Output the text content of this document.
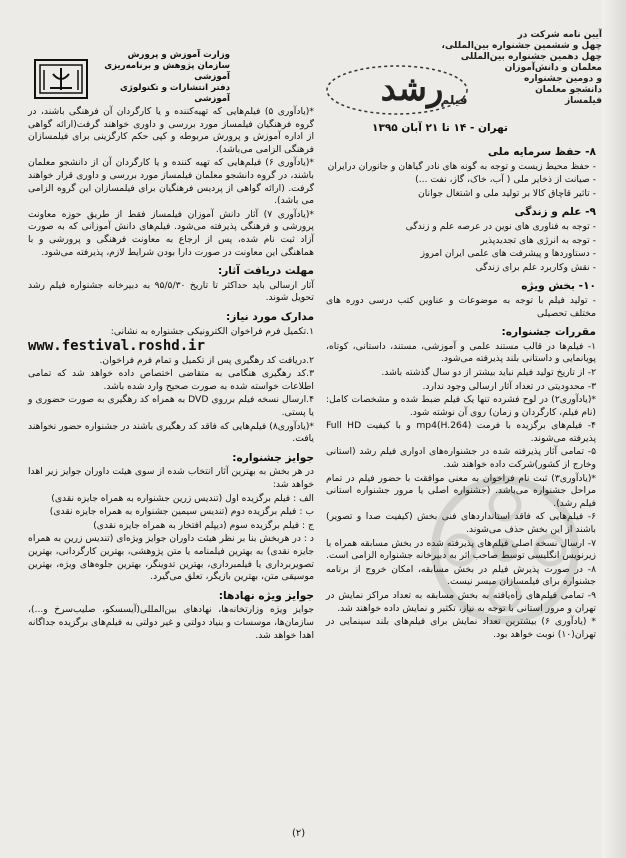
وزارت آموزش و پرورش
سازمان پژوهش و برنامه‌ریزی آموزشی
دفتر انتشارات و تکنولوژی آموزشی
آیین نامه شرکت در
چهل و ششمین جشنواره بین‌المللی،
چهل دهمین جشنواره بین‌المللی
معلمان و دانش‌آموزان
و دومین جشنواره
دانشجو معلمان
فیلمساز
رشد
فیلم
تهران - ۱۴ تا ۲۱ آبان ۱۳۹۵
۸- حفظ سرمایه ملی
- حفظ محیط زیست و توجه به گونه های نادر گیاهان و جانوران درایران
- صیانت از ذخایر ملی ( آب، خاک، گاز، نفت ...)
- تاثیر قاچاق کالا بر تولید ملی و اشتغال جوانان
۹- علم و زندگی
- توجه به فناوری های نوین در عرصه علم و زندگی
- توجه به انرژی های تجدیدپذیر
- دستاوردها و پیشرفت های علمی ایران امروز
- نقش وکاربرد علم برای زندگی
۱۰- بخش ویژه
- تولید فیلم با توجه به موضوعات و عناوین کتب درسی دوره های مختلف تحصیلی
مقررات جشنواره:
۱- فیلم‌ها در قالب مستند علمی و آموزشی، مستند، داستانی، کوتاه، پویانمایی و داستانی بلند پذیرفته می‌شود.
۲- از تاریخ تولید فیلم نباید بیشتر از دو سال گذشته باشد.
۳- محدودیتی در تعداد آثار ارسالی وجود ندارد.
*(یادآوری۲) در لوح فشرده تنها یک فیلم ضبط شده و مشخصات کامل: (نام فیلم، کارگردان و زمان) روی آن نوشته شود.
۴- فیلم‌های برگزیده با فرمت mp4(H.264) و با کیفیت Full HD پذیرفته می‌شوند.
۵- تمامی آثار پذیرفته شده در جشنواره‌های ادواری فیلم رشد (استانی وخارج از کشور)شرکت داده خواهند شد.
*(یادآوری۳) ثبت نام فراخوان به معنی موافقت با حضور فیلم در تمام مراحل جشنواره می‌باشد. (جشنواره اصلی یا مرور جشنواره استانی فیلم رشد).
۶- فیلم‌هایی که فاقد استانداردهای فنی بخش (کیفیت صدا و تصویر) باشند از این بخش حذف می‌شوند.
۷- ارسال نسخه اصلی فیلم‌های پذیرفته شده در بخش مسابقه همراه با زیرنویس انگلیسی توسط صاحب اثر به دبیرخانه جشنواره الزامی است.
۸- در صورت پذیرش فیلم در بخش مسابقه، امکان خروج از برنامه جشنواره برای فیلمسازان میسر نیست.
۹- تمامی فیلم‌های راه‌یافته به بخش مسابقه به تعداد مراکز نمایش در تهران و مرور استانی با توجه به نیاز، تکثیر و نمایش داده خواهند شد.
* (یادآوری ۶) بیشترین تعداد نمایش برای فیلم‌های بلند سینمایی در تهران(۱۰) نوبت خواهد بود.
*(یادآوری ۵) فیلم‌هایی که تهیه‌کننده و یا کارگردان آن فرهنگی باشند، در گروه فرهنگیان فیلمساز مورد بررسی و داوری خواهند گرفت(ارائه گواهی از اداره آموزش و پرورش مربوطه و کپی حکم کارگزینی برای فیلمسازان فرهنگی الزامی می‌باشد).
*(یادآوری ۶) فیلم‌هایی که تهیه کننده و یا کارگردان آن از دانشجو معلمان باشند، در گروه دانشجو معلمان فیلمساز مورد بررسی و داوری قرار خواهند گرفت. (ارائه گواهی از پردیس فرهنگیان برای فیلمسازان این گروه الزامی می باشد).
*(یادآوری ۷) آثار دانش آموزان فیلمساز فقط از طریق حوزه معاونت پرورشی و فرهنگی پذیرفته می‌شود. فیلم‌های دانش آموزانی که به صورت آزاد ثبت نام شده، پس از ارجاع به معاونت فرهنگی و پرورشی و با هماهنگی این معاونت در صورت دارا بودن شرایط لازم، پذیرفته می‌شود.
مهلت دریافت آثار:
آثار ارسالی باید حداکثر تا تاریخ ۹۵/۵/۳۰ به دبیرخانه جشنواره فیلم رشد تحویل شوند.
مدارک مورد نیاز:
۱.تکمیل فرم فراخوان الکترونیکی جشنواره به نشانی:
www.festival.roshd.ir
۲.دریافت کد رهگیری پس از تکمیل و تمام فرم فراخوان.
۳.کد رهگیری هنگامی به متقاضی اختصاص داده خواهد شد که تمامی اطلاعات خواسته شده به صورت صحیح وارد شده باشد.
۴.ارسال نسخه فیلم برروی DVD به همراه کد رهگیری به صورت حضوری و یا پستی.
*(یادآوری۸) فیلم‌هایی که فاقد کد رهگیری باشند در جشنواره حضور نخواهند یافت.
جوایز جشنواره:
در هر بخش به بهترین آثار انتخاب شده از سوی هیئت داوران جوایز زیر اهدا خواهد شد:
الف : فیلم برگزیده اول (تندیس زرین جشنواره به همراه جایزه نقدی)
ب : فیلم برگزیده دوم (تندیس سیمین جشنواره به همراه جایزه نقدی)
ج : فیلم برگزیده سوم (دیپلم افتخار به همراه جایزه نقدی)
د : در هربخش بنا بر نظر هیئت داوران جوایز ویژه‌ای (تندیس زرین به همراه جایزه نقدی) به بهترین فیلمنامه یا متن پژوهشی، بهترین کارگردانی، بهترین تصویربرداری یا فیلمبرداری، بهترین تدوینگر، بهترین جلوه‌های ویژه، بهترین موسیقی متن، بهترین بازیگر، تعلق می‌گیرد.
جوایز ویژه نهادها:
جوایز ویژه وزارتخانه‌ها، نهادهای بین‌المللی(آیسسکو، صلیب‌سرخ و...)، سازمان‌ها، موسسات و بنیاد دولتی و غیر دولتی به فیلم‌های برگزیده جداگانه اهدا خواهد شد.
(۲)
